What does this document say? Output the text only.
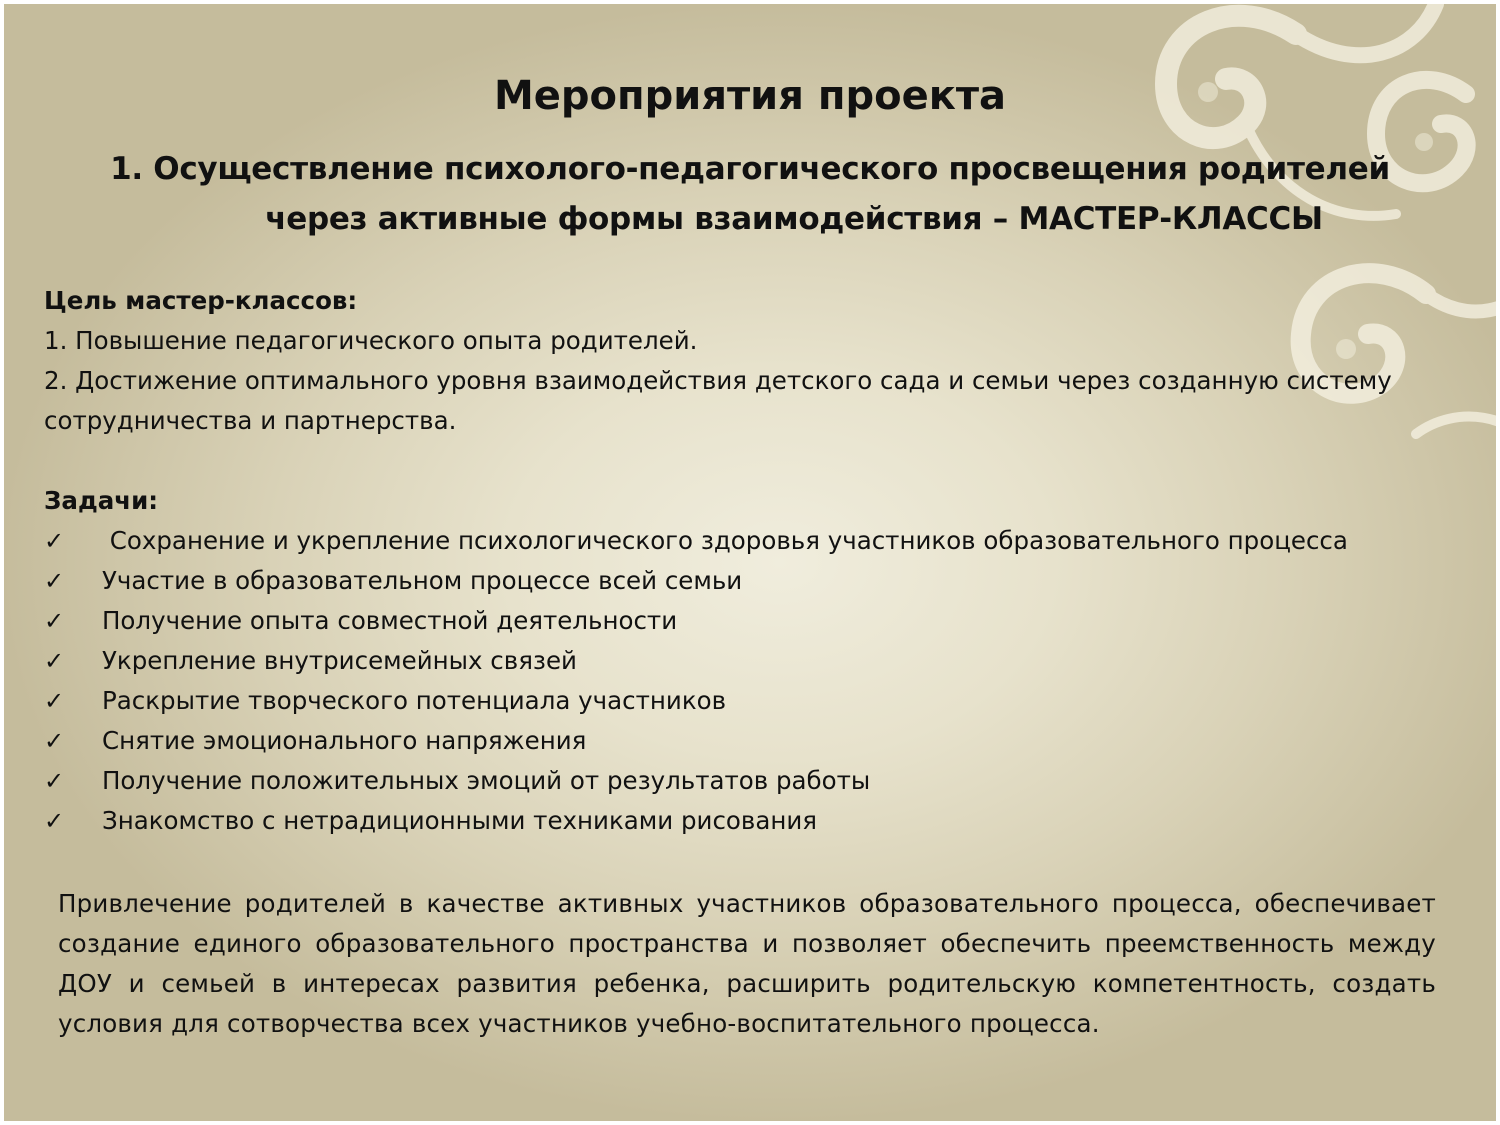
Мероприятия проекта
1. Осуществление психолого-педагогического просвещения родителей
через активные формы взаимодействия – МАСТЕР-КЛАССЫ
Цель мастер-классов:
1. Повышение педагогического опыта родителей.
2. Достижение оптимального уровня взаимодействия детского сада и семьи через созданную систему сотрудничества и партнерства.
Задачи:
✓	Сохранение и укрепление психологического здоровья участников образовательного процесса
✓	Участие в образовательном процессе всей семьи
✓	Получение опыта совместной деятельности
✓	Укрепление внутрисемейных связей
✓	Раскрытие творческого потенциала участников
✓	Снятие эмоционального напряжения
✓	Получение положительных эмоций от результатов работы
✓	Знакомство с нетрадиционными техниками рисования
Привлечение родителей в качестве активных участников образовательного процесса, обеспечивает создание единого образовательного пространства и позволяет обеспечить преемственность между ДОУ и семьей в интересах развития ребенка, расширить родительскую компетентность, создать условия для сотворчества всех участников учебно-воспитательного процесса.
